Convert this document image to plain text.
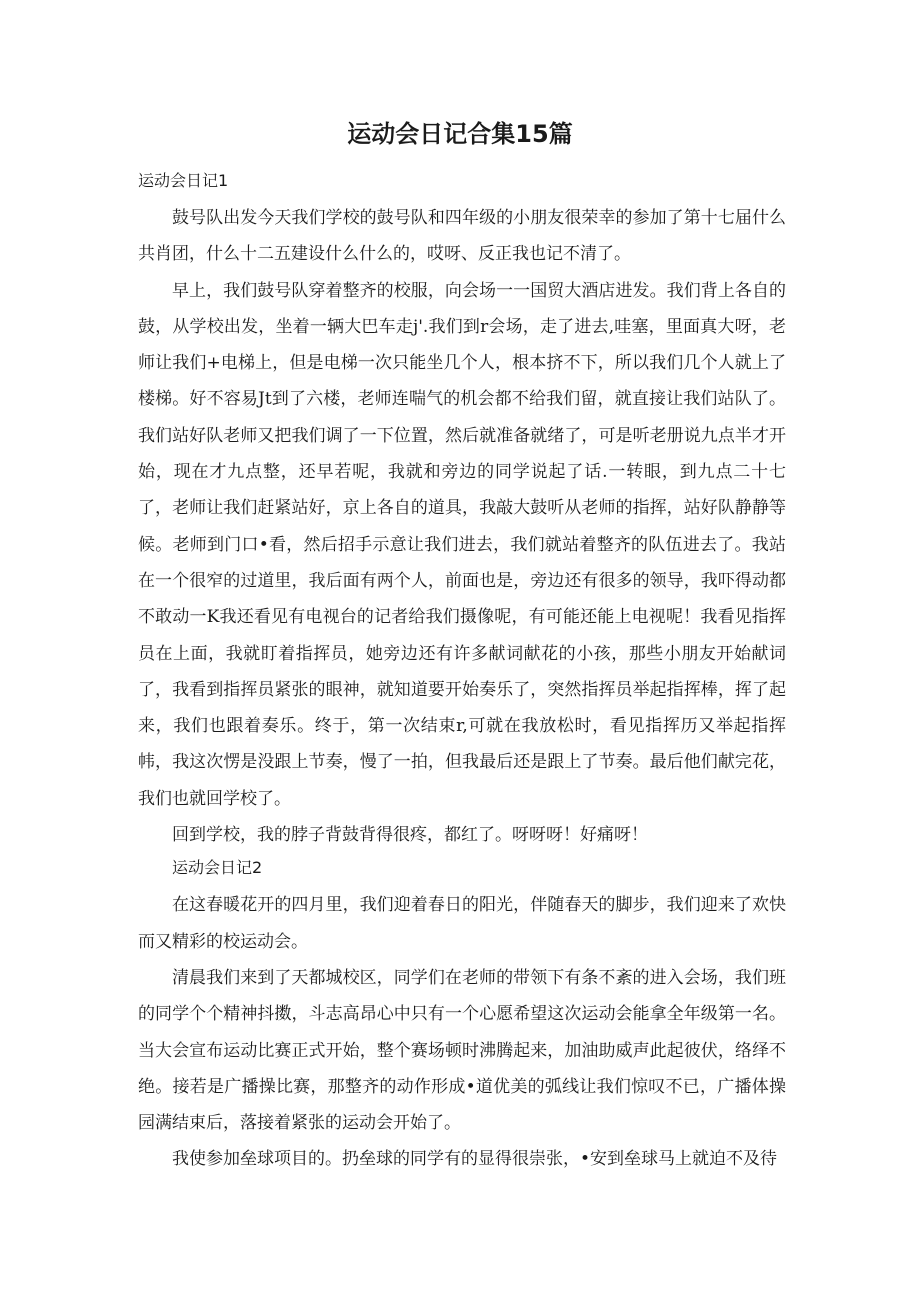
运动会日记合集15篇
运动会日记1

鼓号队出发今天我们学校的鼓号队和四年级的小朋友很荣幸的参加了第十七届什么共肖团，什么十二五建设什么什么的，哎呀、反正我也记不清了。

早上，我们鼓号队穿着整齐的校服，向会场一一国贸大酒店进发。我们背上各自的鼓，从学校出发，坐着一辆大巴车走j'.我们到r会场，走了进去,哇塞，里面真大呀，老师让我们+电梯上，但是电梯一次只能坐几个人，根本挤不下，所以我们几个人就上了楼梯。好不容易Jt到了六楼，老师连喘气的机会都不给我们留，就直接让我们站队了。我们站好队老师又把我们调了一下位置，然后就准备就绪了，可是听老册说九点半才开始，现在才九点整，还早若呢，我就和旁边的同学说起了话.一转眼，到九点二十七了，老师让我们赶紧站好，京上各自的道具，我敲大鼓听从老师的指挥，站好队静静等候。老师到门口•看，然后招手示意让我们进去，我们就站着整齐的队伍进去了。我站在一个很窄的过道里，我后面有两个人，前面也是，旁边还有很多的领导，我吓得动都不敢动一K我还看见有电视台的记者给我们摄像呢，有可能还能上电视呢！我看见指挥员在上面，我就盯着指挥员，她旁边还有许多献词献花的小孩，那些小朋友开始献词了，我看到指挥员紧张的眼神，就知道要开始奏乐了，突然指挥员举起指挥棒，挥了起来，我们也跟着奏乐。终于，第一次结束r,可就在我放松时，看见指挥历又举起指挥帏，我这次愣是没跟上节奏，慢了一拍，但我最后还是跟上了节奏。最后他们献完花，我们也就回学校了。

回到学校，我的脖子背鼓背得很疼，都红了。呀呀呀！好痛呀！

运动会日记2

在这春暖花开的四月里，我们迎着春日的阳光，伴随春天的脚步，我们迎来了欢快而又精彩的校运动会。

清晨我们来到了天都城校区，同学们在老师的带领下有条不紊的进入会场，我们班的同学个个精神抖擞，斗志高昂心中只有一个心愿希望这次运动会能拿全年级第一名。当大会宣布运动比赛正式开始，整个赛场顿时沸腾起来，加油助威声此起彼伏，络绎不绝。接若是广播操比赛，那整齐的动作形成•道优美的弧线让我们惊叹不已，广播体操园满结束后，落接着紧张的运动会开始了。

我使参加垒球项目的。扔垒球的同学有的显得很崇张，•安到垒球马上就迫不及待
